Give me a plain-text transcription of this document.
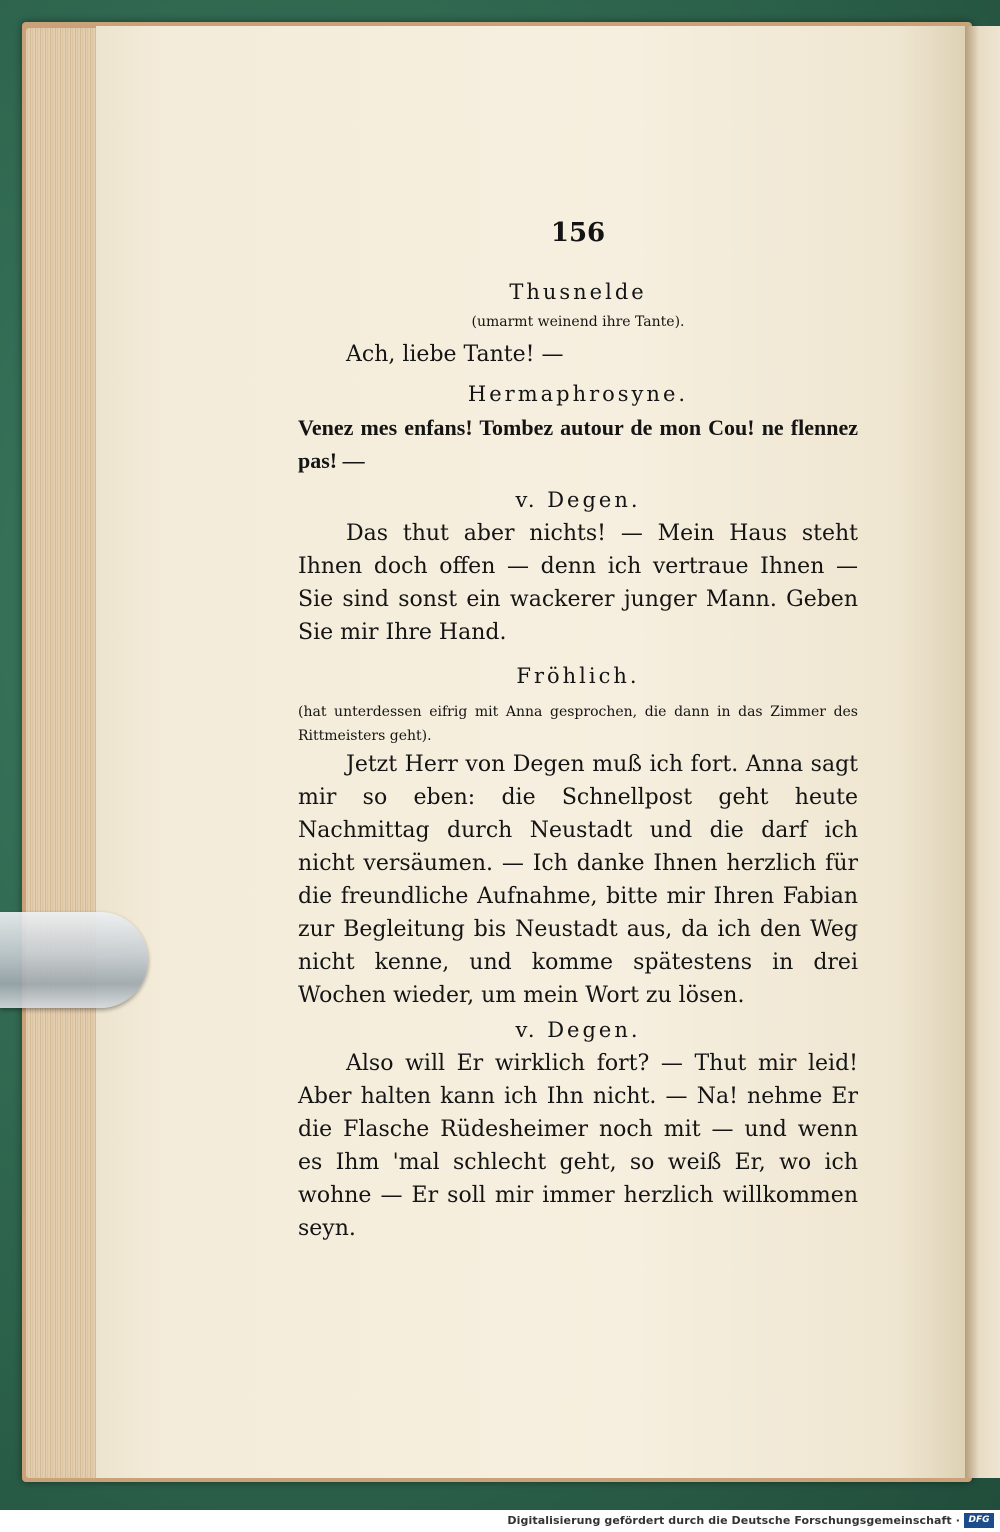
156
Thusnelde
(umarmt weinend ihre Tante).
Ach, liebe Tante! —
Hermaphrosyne.
Venez mes enfans! Tombez autour de mon Cou! ne flennez pas! —
v. Degen.
Das thut aber nichts! — Mein Haus steht Ihnen doch offen — denn ich vertraue Ihnen — Sie sind sonst ein wackerer junger Mann. Geben Sie mir Ihre Hand.
Fröhlich.
(hat unterdessen eifrig mit Anna gesprochen, die dann in das Zimmer des Rittmeisters geht).
Jetzt Herr von Degen muß ich fort. Anna sagt mir so eben: die Schnellpost geht heute Nachmittag durch Neustadt und die darf ich nicht versäumen. — Ich danke Ihnen herzlich für die freundliche Aufnahme, bitte mir Ihren Fabian zur Begleitung bis Neustadt aus, da ich den Weg nicht kenne, und komme spätestens in drei Wochen wieder, um mein Wort zu lösen.
v. Degen.
Also will Er wirklich fort? — Thut mir leid! Aber halten kann ich Ihn nicht. — Na! nehme Er die Flasche Rüdesheimer noch mit — und wenn es Ihm 'mal schlecht geht, so weiß Er, wo ich wohne — Er soll mir immer herzlich willkommen seyn.
Digitalisierung gefördert durch die Deutsche Forschungsgemeinschaft · DFG
